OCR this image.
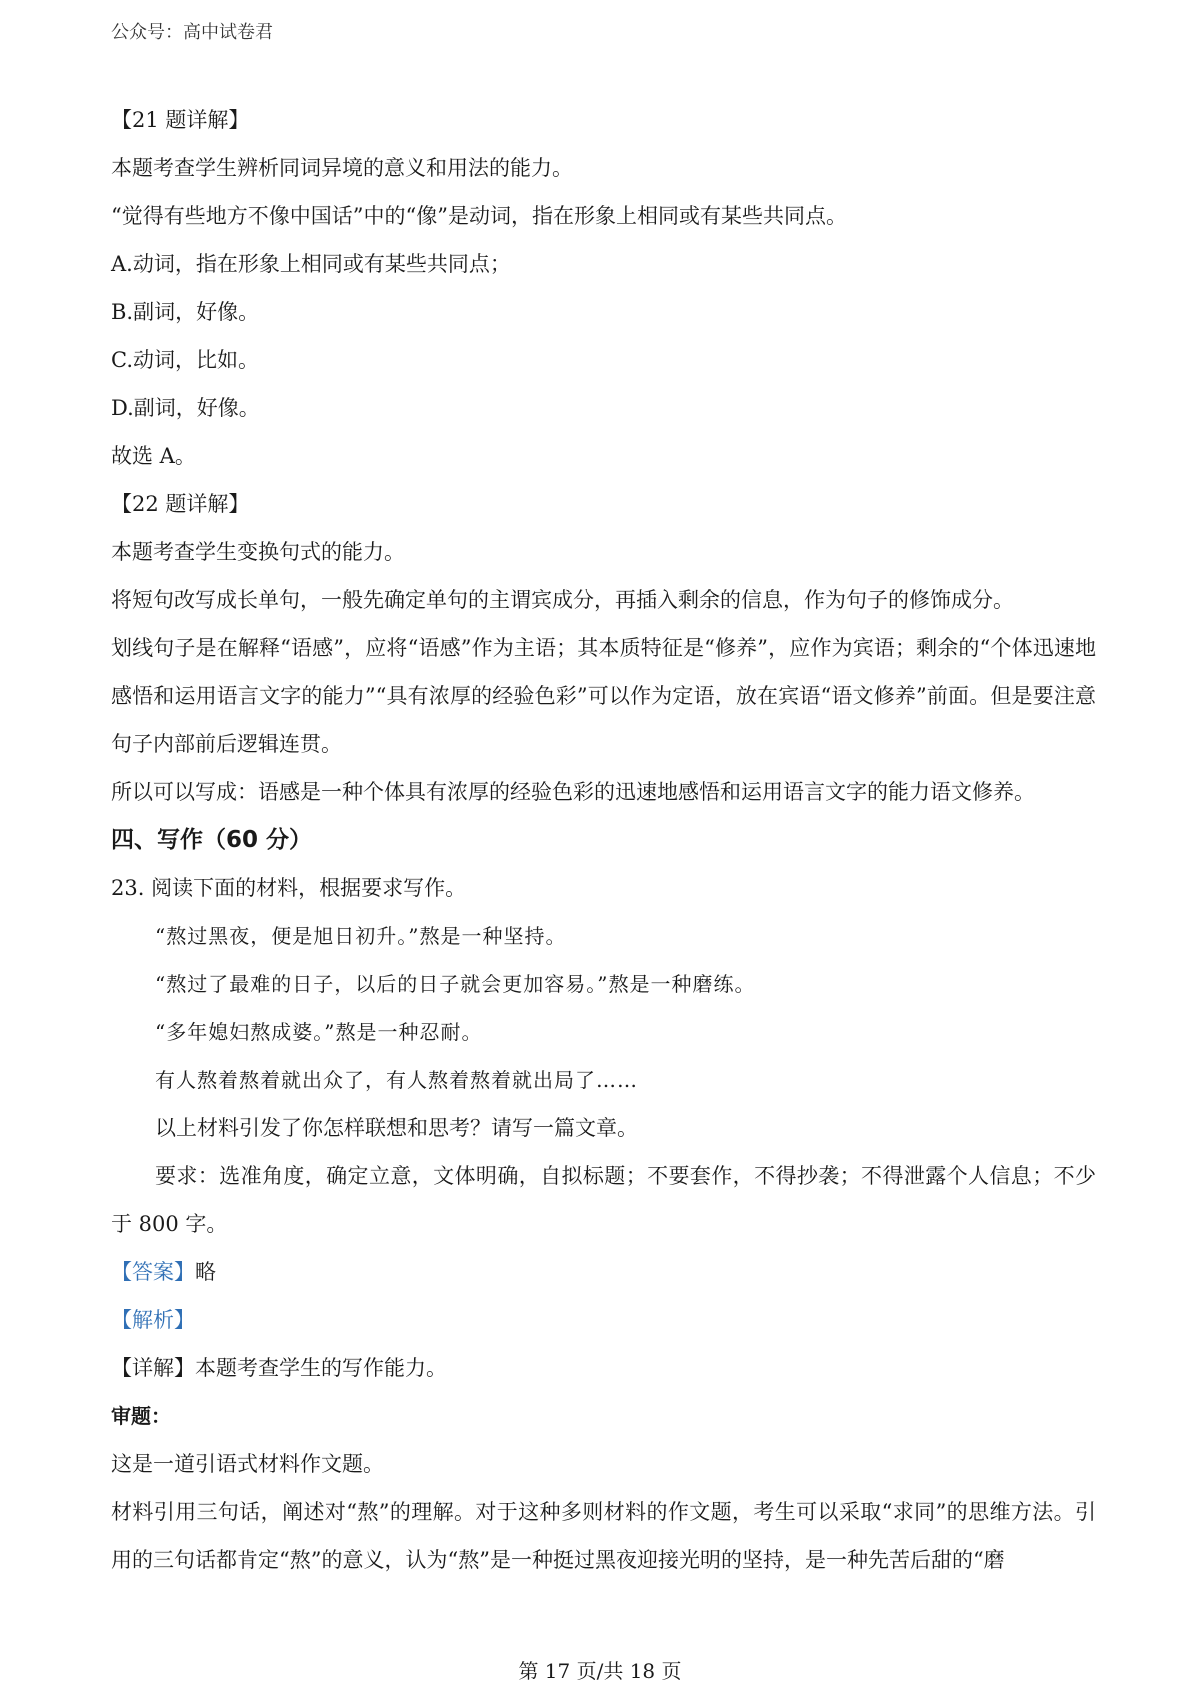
公众号：高中试卷君
【21 题详解】
本题考查学生辨析同词异境的意义和用法的能力。
“觉得有些地方不像中国话”中的“像”是动词，指在形象上相同或有某些共同点。
A.动词，指在形象上相同或有某些共同点；
B.副词，好像。
C.动词，比如。
D.副词，好像。
故选 A。
【22 题详解】
本题考查学生变换句式的能力。
将短句改写成长单句，一般先确定单句的主谓宾成分，再插入剩余的信息，作为句子的修饰成分。
划线句子是在解释“语感”，应将“语感”作为主语；其本质特征是“修养”，应作为宾语；剩余的“个体迅速地感悟和运用语言文字的能力”“具有浓厚的经验色彩”可以作为定语，放在宾语“语文修养”前面。但是要注意句子内部前后逻辑连贯。
所以可以写成：语感是一种个体具有浓厚的经验色彩的迅速地感悟和运用语言文字的能力语文修养。
四、写作（60 分）
23. 阅读下面的材料，根据要求写作。
“熬过黑夜，便是旭日初升。”熬是一种坚持。
“熬过了最难的日子，以后的日子就会更加容易。”熬是一种磨练。
“多年媳妇熬成婆。”熬是一种忍耐。
有人熬着熬着就出众了，有人熬着熬着就出局了……
以上材料引发了你怎样联想和思考？请写一篇文章。
要求：选准角度，确定立意，文体明确，自拟标题；不要套作，不得抄袭；不得泄露个人信息；不少于 800 字。
【答案】略
【解析】
【详解】本题考查学生的写作能力。
审题：
这是一道引语式材料作文题。
材料引用三句话，阐述对“熬”的理解。对于这种多则材料的作文题，考生可以采取“求同”的思维方法。引用的三句话都肯定“熬”的意义，认为“熬”是一种挺过黑夜迎接光明的坚持，是一种先苦后甜的“磨
第 17 页/共 18 页
